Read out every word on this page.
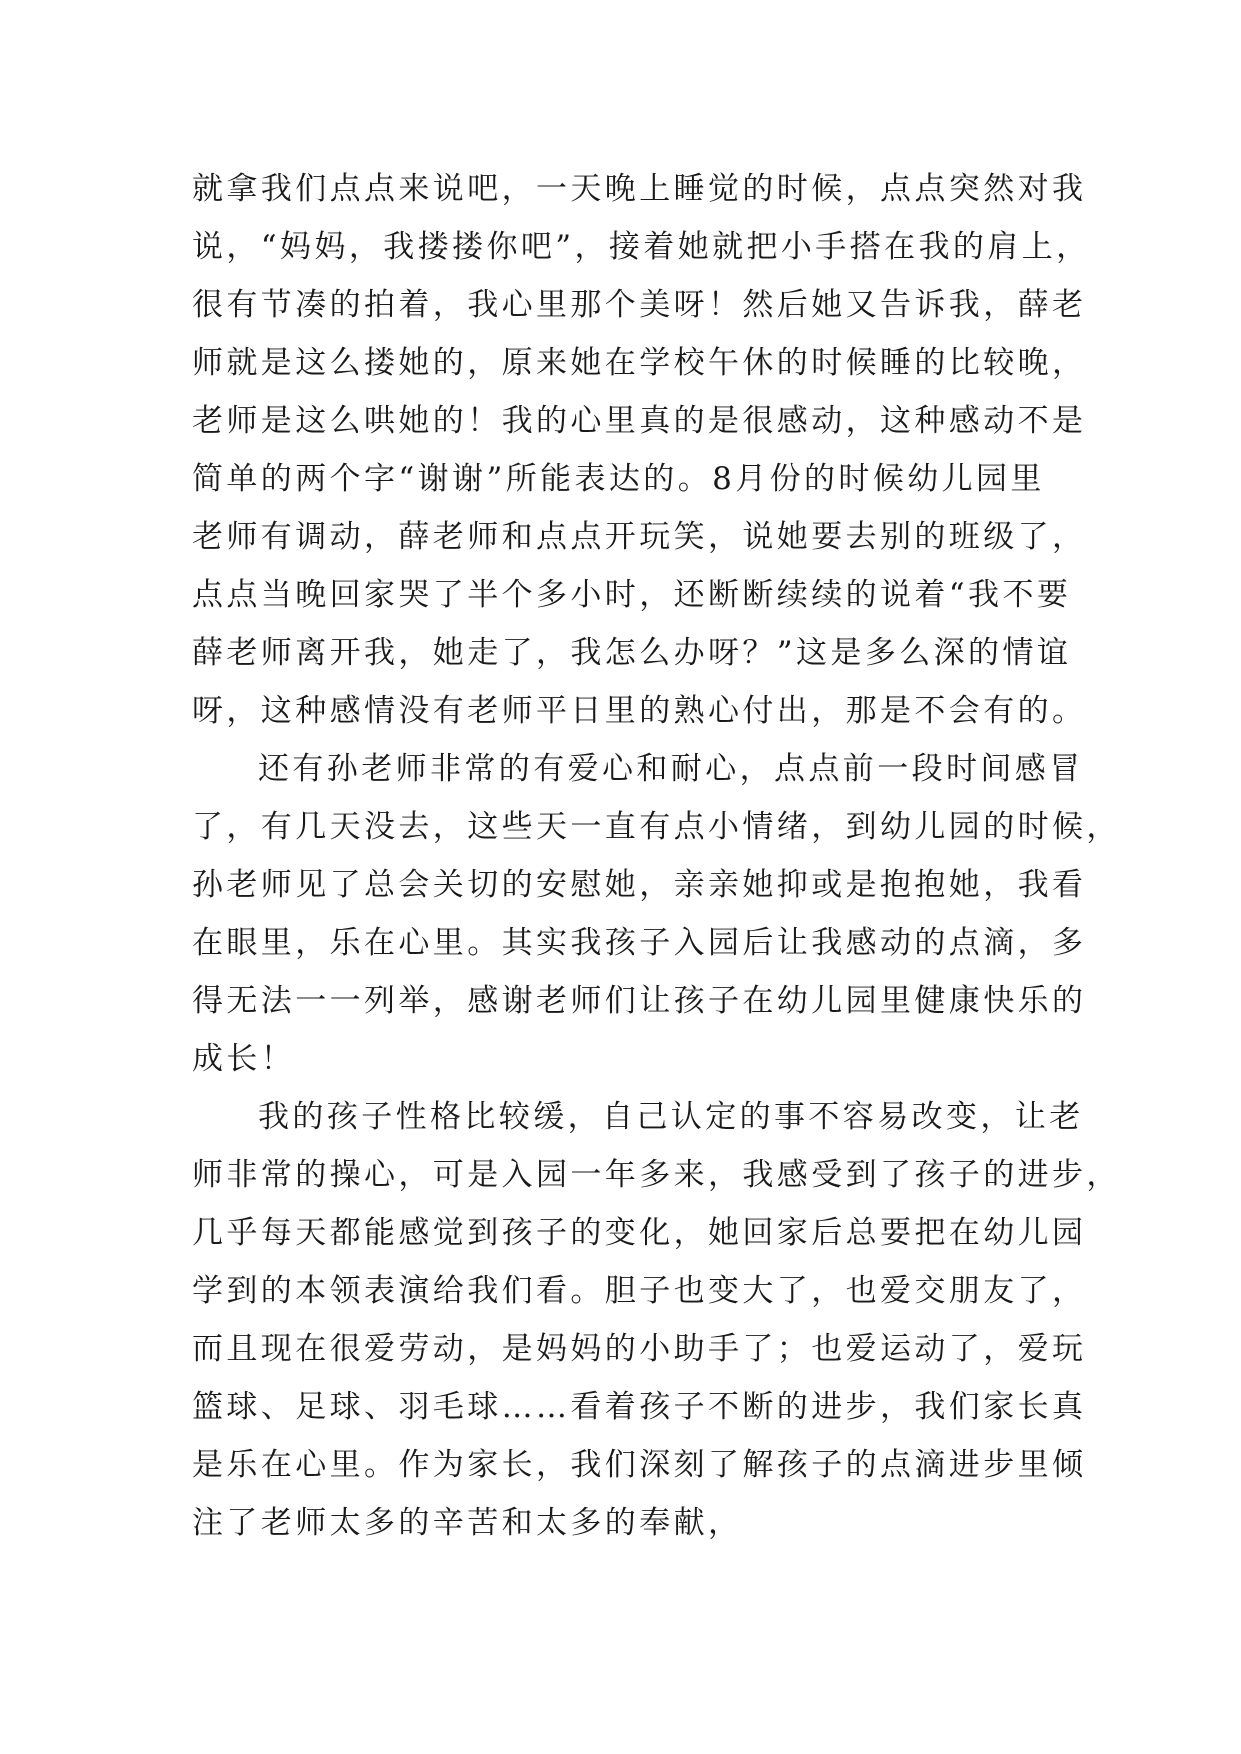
就拿我们点点来说吧，一天晚上睡觉的时候，点点突然对我
说，“妈妈，我搂搂你吧”，接着她就把小手搭在我的肩上，
很有节凑的拍着，我心里那个美呀！然后她又告诉我，薛老
师就是这么搂她的，原来她在学校午休的时候睡的比较晚，
老师是这么哄她的！我的心里真的是很感动，这种感动不是
简单的两个字“谢谢”所能表达的。8月份的时候幼儿园里
老师有调动，薛老师和点点开玩笑，说她要去别的班级了，
点点当晚回家哭了半个多小时，还断断续续的说着“我不要
薛老师离开我，她走了，我怎么办呀？”这是多么深的情谊
呀，这种感情没有老师平日里的熟心付出，那是不会有的。
还有孙老师非常的有爱心和耐心，点点前一段时间感冒
了，有几天没去，这些天一直有点小情绪，到幼儿园的时候，
孙老师见了总会关切的安慰她，亲亲她抑或是抱抱她，我看
在眼里，乐在心里。其实我孩子入园后让我感动的点滴，多
得无法一一列举，感谢老师们让孩子在幼儿园里健康快乐的
成长！
我的孩子性格比较缓，自己认定的事不容易改变，让老
师非常的操心，可是入园一年多来，我感受到了孩子的进步，
几乎每天都能感觉到孩子的变化，她回家后总要把在幼儿园
学到的本领表演给我们看。胆子也变大了，也爱交朋友了，
而且现在很爱劳动，是妈妈的小助手了；也爱运动了，爱玩
篮球、足球、羽毛球……看着孩子不断的进步，我们家长真
是乐在心里。作为家长，我们深刻了解孩子的点滴进步里倾
注了老师太多的辛苦和太多的奉献，
